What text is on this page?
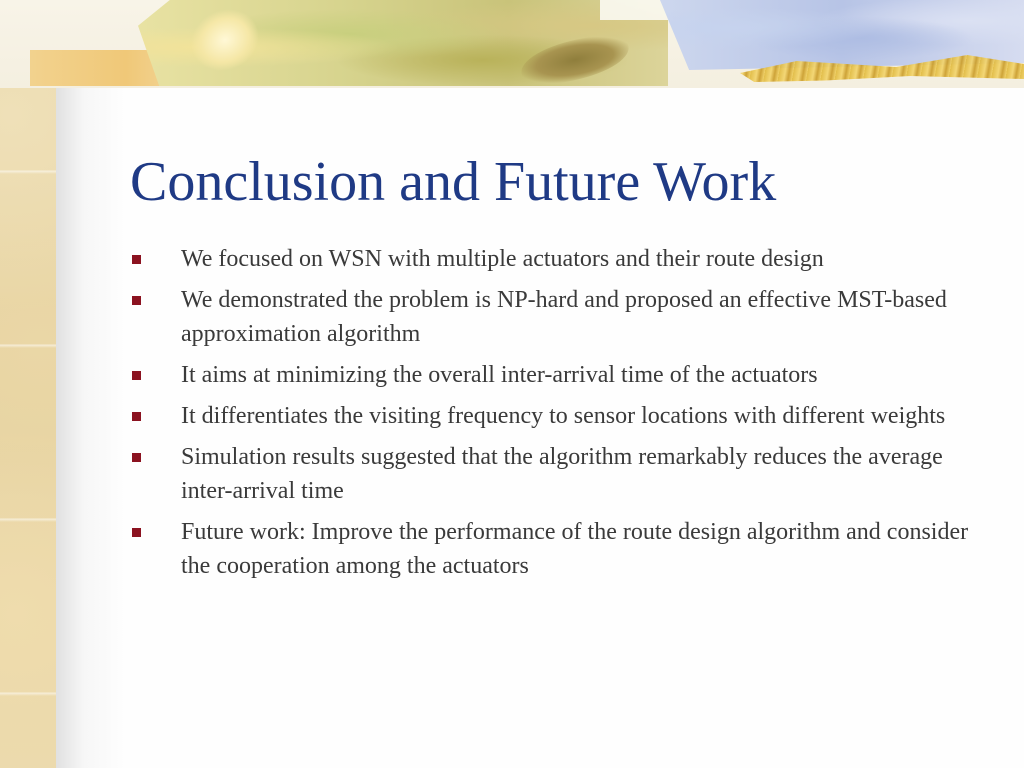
Conclusion and Future Work
We focused on WSN with multiple actuators and their route design
We demonstrated the problem is NP-hard and proposed an effective MST-based approximation algorithm
It aims at minimizing the overall inter-arrival time of the actuators
It differentiates the visiting frequency to sensor locations with different weights
Simulation results suggested that the algorithm remarkably reduces the average inter-arrival time
Future work: Improve the performance of the route design algorithm and consider the cooperation among the actuators
